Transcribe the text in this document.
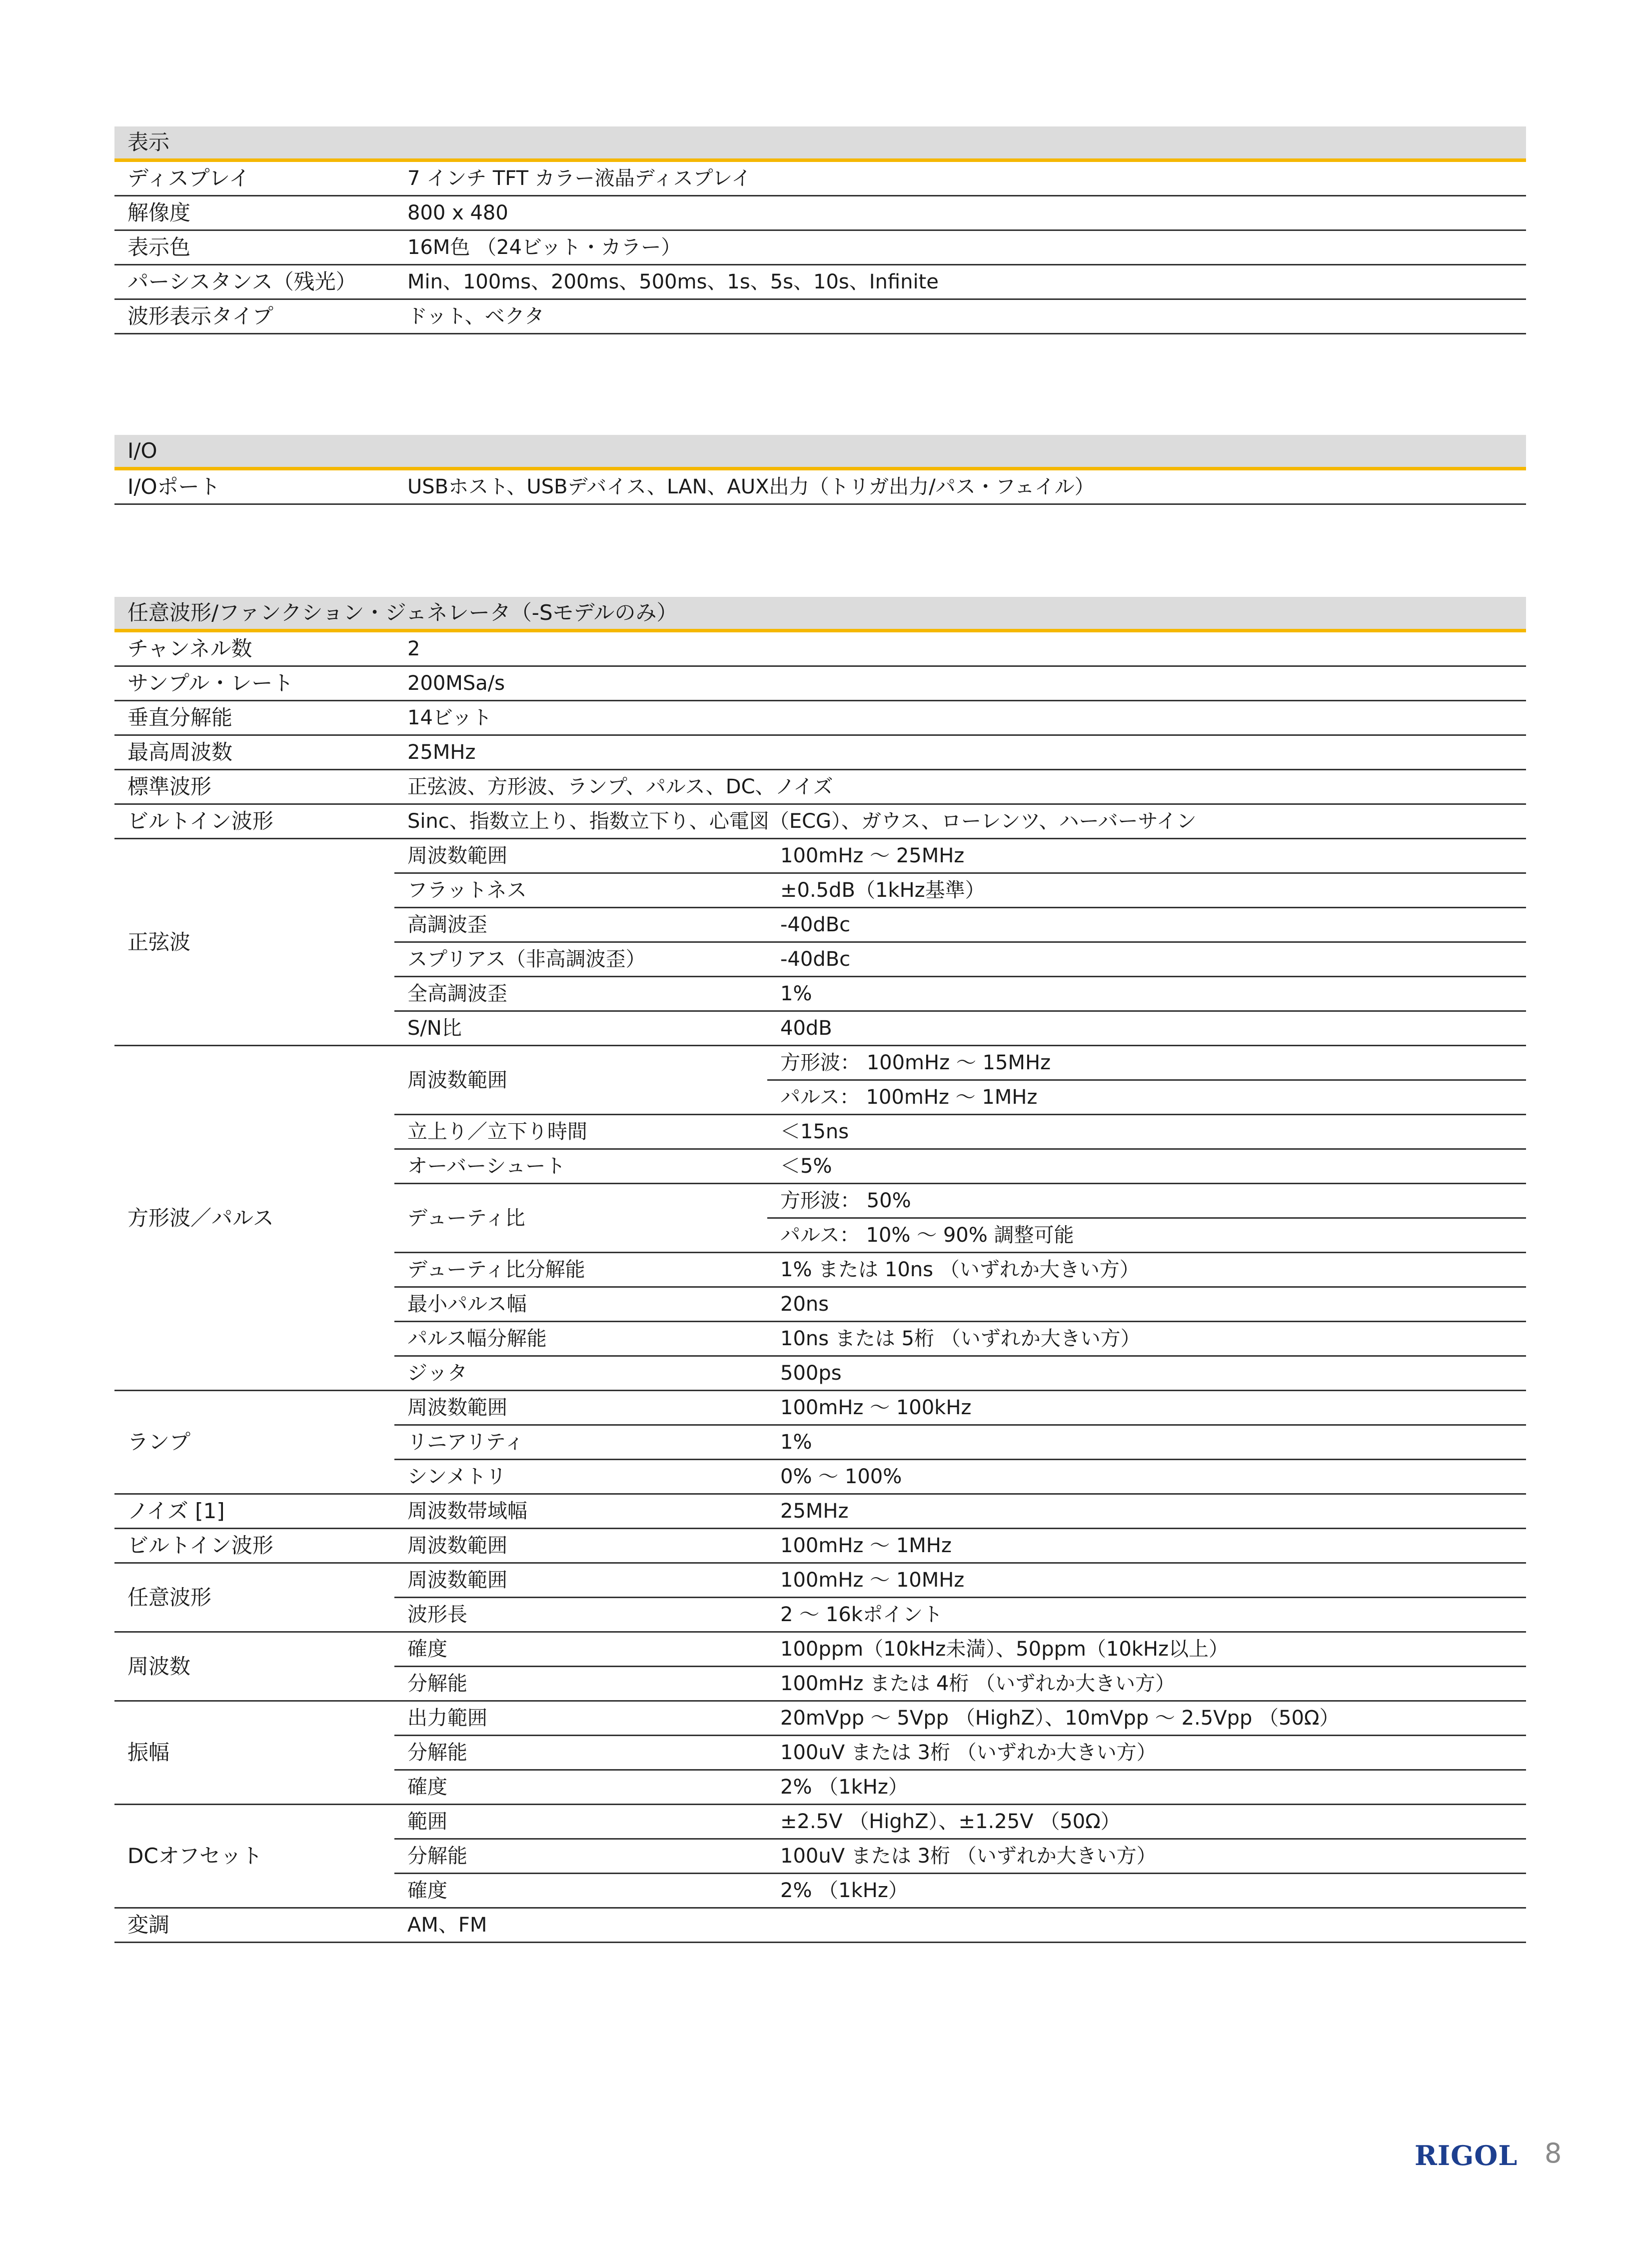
表示
ディスプレイ	7 インチ TFT カラー液晶ディスプレイ
解像度	800 x 480
表示色	16M色 （24ビット・カラー）
パーシスタンス（残光）	Min、100ms、200ms、500ms、1s、5s、10s、Infinite
波形表示タイプ	ドット、ベクタ
I/O
I/Oポート	USBホスト、USBデバイス、LAN、AUX出力（トリガ出力/パス・フェイル）
任意波形/ファンクション・ジェネレータ（-Sモデルのみ）
チャンネル数	2	
サンプル・レート	200MSa/s	
垂直分解能	14ビット	
最高周波数	25MHz	
標準波形	正弦波、方形波、ランプ、パルス、DC、ノイズ	
ビルトイン波形	Sinc、指数立上り、指数立下り、心電図（ECG）、ガウス、ローレンツ、ハーバーサイン	
正弦波	周波数範囲	100mHz ～ 25MHz
	フラットネス	±0.5dB（1kHz基準）
	高調波歪	-40dBc
	スプリアス（非高調波歪）	-40dBc
	全高調波歪	1%
	S/N比	40dB
方形波／パルス	周波数範囲	方形波： 100mHz ～ 15MHz
		パルス： 100mHz ～ 1MHz
	立上り／立下り時間	＜15ns
	オーバーシュート	＜5%
	デューティ比	方形波： 50%
		パルス： 10% ～ 90% 調整可能
	デューティ比分解能	1% または 10ns （いずれか大きい方）
	最小パルス幅	20ns
	パルス幅分解能	10ns または 5桁 （いずれか大きい方）
	ジッタ	500ps
ランプ	周波数範囲	100mHz ～ 100kHz
	リニアリティ	1%
	シンメトリ	0% ～ 100%
ノイズ [1]	周波数帯域幅	25MHz
ビルトイン波形	周波数範囲	100mHz ～ 1MHz
任意波形	周波数範囲	100mHz ～ 10MHz
	波形長	2 ～ 16kポイント
周波数	確度	100ppm（10kHz未満）、50ppm（10kHz以上）
	分解能	100mHz または 4桁 （いずれか大きい方）
振幅	出力範囲	20mVpp ～ 5Vpp （HighZ）、10mVpp ～ 2.5Vpp （50Ω）
	分解能	100uV または 3桁 （いずれか大きい方）
	確度	2% （1kHz）
DCオフセット	範囲	±2.5V （HighZ）、±1.25V （50Ω）
	分解能	100uV または 3桁 （いずれか大きい方）
	確度	2% （1kHz）
変調	AM、FM	
RIGOL 8
